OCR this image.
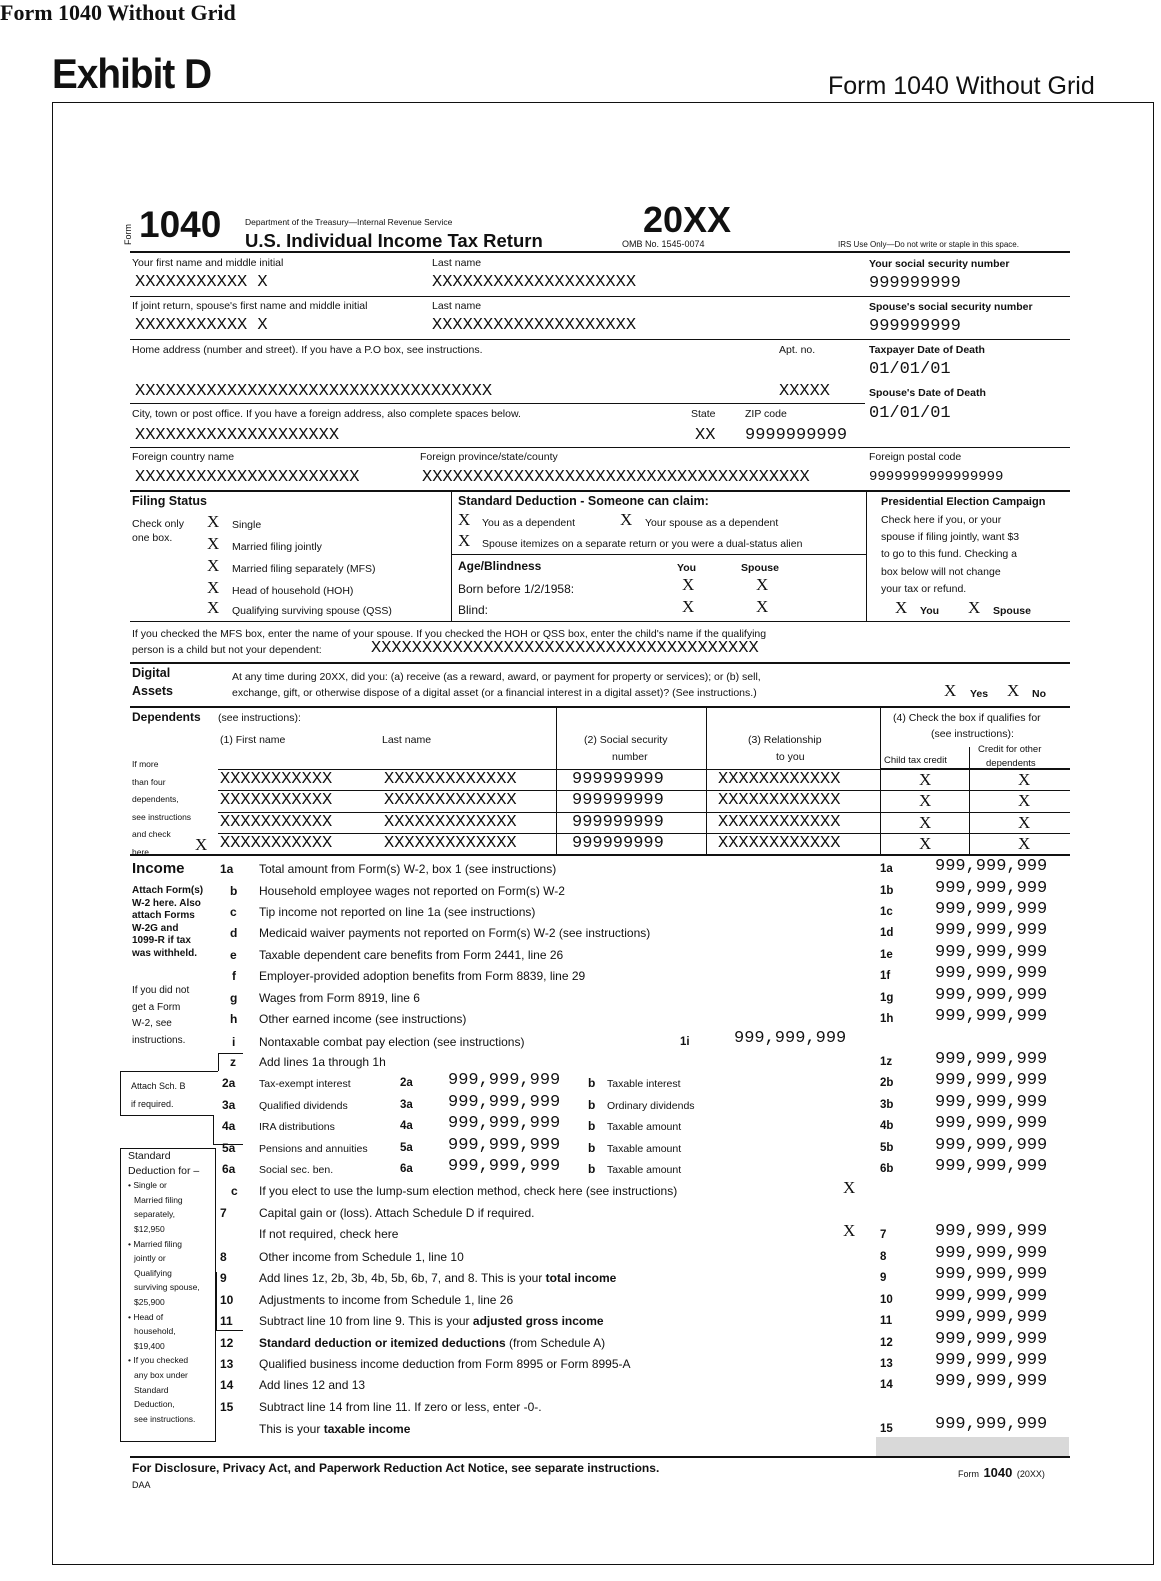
Form 1040 Without Grid
Exhibit D	Form 1040 Without Grid
Form 1040	Department of the Treasury—Internal Revenue Service
U.S. Individual Income Tax Return
20XX
OMB No. 1545-0074	IRS Use Only—Do not write or staple in this space.
Your first name and middle initial
XXXXXXXXXXX X
Last name
XXXXXXXXXXXXXXXXXXXX
Your social security number
999999999
If joint return, spouse's first name and middle initial
XXXXXXXXXXX X
Last name
XXXXXXXXXXXXXXXXXXXX
Spouse's social security number
999999999
Home address (number and street). If you have a P.O box, see instructions.
XXXXXXXXXXXXXXXXXXXXXXXXXXXXXXXXXXX
Apt. no.
XXXXX
Taxpayer Date of Death
01/01/01
Spouse's Date of Death
01/01/01
City, town or post office. If you have a foreign address, also complete spaces below.
XXXXXXXXXXXXXXXXXXXX
State
XX
ZIP code
9999999999
Foreign country name
XXXXXXXXXXXXXXXXXXXXXX
Foreign province/state/county
XXXXXXXXXXXXXXXXXXXXXXXXXXXXXXXXXXXXXX
Foreign postal code
9999999999999999
Filing Status
Check only
one box.
X Single
X Married filing jointly
X Married filing separately (MFS)
X Head of household (HOH)
X Qualifying surviving spouse (QSS)
Standard Deduction - Someone can claim:
X You as a dependent	X Your spouse as a dependent
X Spouse itemizes on a separate return or you were a dual-status alien
Age/Blindness	You	Spouse
Born before 1/2/1958:	X	X
Blind:	X	X
Presidential Election Campaign
Check here if you, or your
spouse if filing jointly, want $3
to go to this fund. Checking a
box below will not change
your tax or refund.
X You X Spouse
If you checked the MFS box, enter the name of your spouse. If you checked the HOH or QSS box, enter the child's name if the qualifying
person is a child but not your dependent:	XXXXXXXXXXXXXXXXXXXXXXXXXXXXXXXXXXXXXX
Digital
Assets
At any time during 20XX, did you: (a) receive (as a reward, award, or payment for property or services); or (b) sell,
exchange, gift, or otherwise dispose of a digital asset (or a financial interest in a digital asset)? (See instructions.)	X Yes X No
Dependents (see instructions):
(1) First name	Last name	(2) Social security
number
(3) Relationship
to you
(4) Check the box if qualifies for
(see instructions):
Child tax credit
Credit for other
dependents
If more
than four
dependents,
see instructions
and check
here	X
XXXXXXXXXXX	XXXXXXXXXXXXX	999999999	XXXXXXXXXXXX	X	X
XXXXXXXXXXX	XXXXXXXXXXXXX	999999999	XXXXXXXXXXXX	X	X
XXXXXXXXXXX	XXXXXXXXXXXXX	999999999	XXXXXXXXXXXX	X	X
XXXXXXXXXXX	XXXXXXXXXXXXX	999999999	XXXXXXXXXXXX	X	X
Income
Attach Form(s)
W-2 here. Also
attach Forms
W-2G and
1099-R if tax
was withheld.
If you did not
get a Form
W-2, see
instructions.
1a Total amount from Form(s) W-2, box 1 (see instructions)	1a 999,999,999
b Household employee wages not reported on Form(s) W-2	1b 999,999,999
c Tip income not reported on line 1a (see instructions)	1c 999,999,999
d Medicaid waiver payments not reported on Form(s) W-2 (see instructions)	1d 999,999,999
e Taxable dependent care benefits from Form 2441, line 26	1e 999,999,999
f Employer-provided adoption benefits from Form 8839, line 29	1f	999,999,999
g Wages from Form 8919, line 6	1g 999,999,999
h Other earned income (see instructions)	1h 999,999,999
i Nontaxable combat pay election (see instructions)	1i	999,999,999
z Add lines 1a through 1h	1z	999,999,999
Attach Sch. B
if required.
2a Tax-exempt interest	2a 999,999,999 b Taxable interest	2b 999,999,999
3a Qualified dividends	3a 999,999,999 b Ordinary dividends	3b 999,999,999
4a IRA distributions	4a 999,999,999 b Taxable amount	4b 999,999,999
5a Pensions and annuities	5a 999,999,999 b Taxable amount	5b 999,999,999
6a Social sec. ben.	6a 999,999,999 b Taxable amount	6b 999,999,999
Standard
Deduction for –
• Single or
Married filing
separately,
$12,950
• Married filing
jointly or
Qualifying
surviving spouse,
$25,900
• Head of
household,
$19,400
• If you checked
any box under
Standard
Deduction,
see instructions.
c If you elect to use the lump-sum election method, check here (see instructions)	X
7	Capital gain or (loss). Attach Schedule D if required.
If not required, check here	X 7	999,999,999
8	Other income from Schedule 1, line 10	8	999,999,999
9	Add lines 1z, 2b, 3b, 4b, 5b, 6b, 7, and 8. This is your total income	9	999,999,999
10 Adjustments to income from Schedule 1, line 26	10 999,999,999
11 Subtract line 10 from line 9. This is your adjusted gross income	11	999,999,999
12 Standard deduction or itemized deductions (from Schedule A)	12 999,999,999
13 Qualified business income deduction from Form 8995 or Form 8995-A	13 999,999,999
14 Add lines 12 and 13	14 999,999,999
15 Subtract line 14 from line 11. If zero or less, enter -0-.
This is your taxable income	15 999,999,999
For Disclosure, Privacy Act, and Paperwork Reduction Act Notice, see separate instructions.
DAA
Form 1040 (20XX)
